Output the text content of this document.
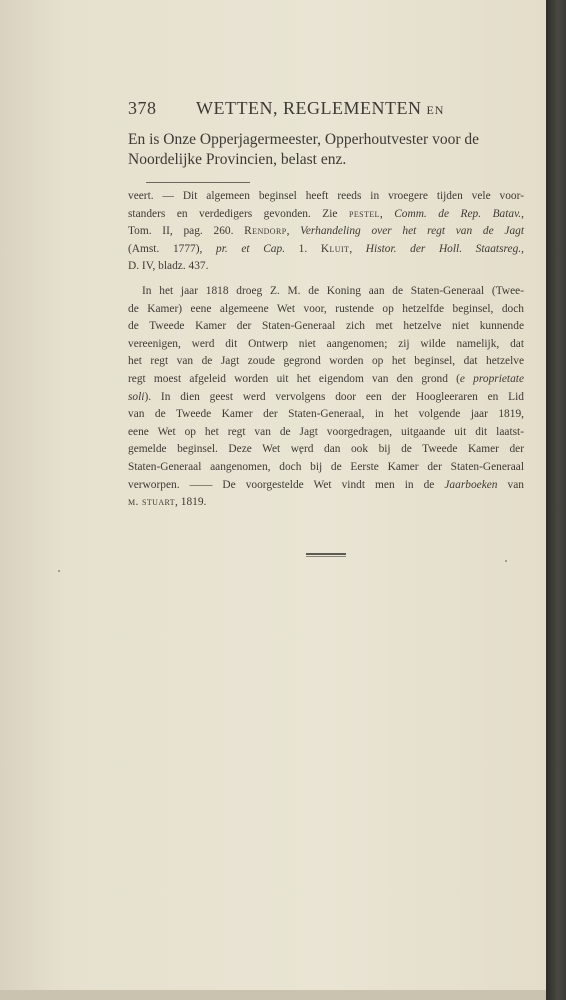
378 WETTEN, REGLEMENTEN EN
En is Onze Opperjagermeester, Opperhoutvester voor de
Noordelijke Provincien, belast enz.
veert. — Dit algemeen beginsel heeft reeds in vroegere tijden vele voor-
standers en verdedigers gevonden. Zie pestel, Comm. de Rep. Batav.,
Tom. II, pag. 260. Rendorp, Verhandeling over het regt van de Jagt
(Amst. 1777), pr. et Cap. 1. Kluit, Histor. der Holl. Staatsreg.,
D. IV, bladz. 437.
In het jaar 1818 droeg Z. M. de Koning aan de Staten-Generaal (Twee-
de Kamer) eene algemeene Wet voor, rustende op hetzelfde beginsel, doch
de Tweede Kamer der Staten-Generaal zich met hetzelve niet kunnende
vereenigen, werd dit Ontwerp niet aangenomen; zij wilde namelijk, dat
het regt van de Jagt zoude gegrond worden op het beginsel, dat hetzelve
regt moest afgeleid worden uit het eigendom van den grond (e proprietate
soli). In dien geest werd vervolgens door een der Hoogleeraren en Lid
van de Tweede Kamer der Staten-Generaal, in het volgende jaar 1819,
eene Wet op het regt van de Jagt voorgedragen, uitgaande uit dit laatst-
gemelde beginsel. Deze Wet werd dan ook bij de Tweede Kamer der
Staten-Generaal aangenomen, doch bij de Eerste Kamer der Staten-Generaal
verworpen. —— De voorgestelde Wet vindt men in de Jaarboeken van
m. stuart, 1819.
